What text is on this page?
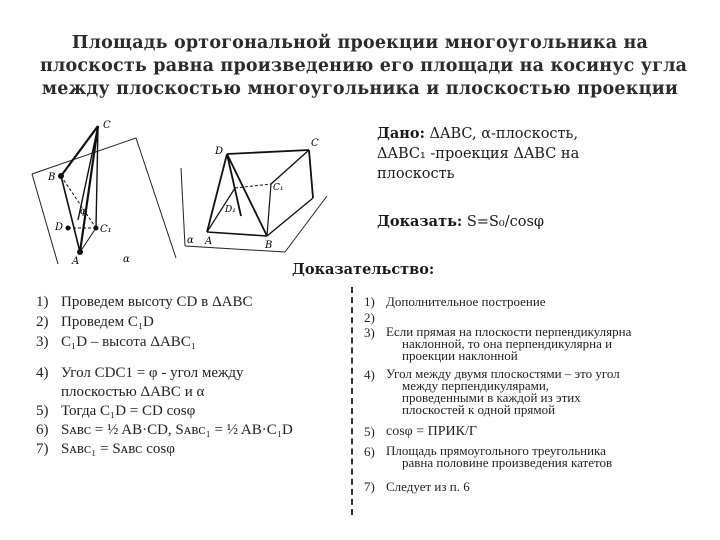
Площадь ортогональной проекции многоугольника на
плоскость равна произведению его площади на косинус угла
между плоскостью многоугольника и плоскостью проекции
C
B
φ
D	C₁
A	α
C
D
D₁
C₁
A	B
α
Дано: ΔABC, α-плоскость,
ΔABC₁ -проекция ΔABC на
плоскость
Доказать: S=S₀/cosφ
Доказательство:
1) Проведем высоту CD в ΔABC
2) Проведем C₁D
3) C₁D – высота ΔABC₁
4) Угол CDC1 = φ - угол между
плоскостью ΔABC и α
5) Тогда C₁D = CD cosφ
6) Sᴀʙᴄ = ½ AB·CD, Sᴀʙᴄ₁ = ½ AB·C₁D
7) Sᴀʙᴄ₁ = Sᴀʙᴄ cosφ
1) Дополнительное построение
2)
3) Если прямая на плоскости перпендикулярна
наклонной, то она перпендикулярна и
проекции наклонной
4) Угол между двумя плоскостями – это угол
между перпендикулярами,
проведенными в каждой из этих
плоскостей к одной прямой
5) cosφ = ПРИК/Г
6) Площадь прямоугольного треугольника
равна половине произведения катетов
7) Следует из п. 6
